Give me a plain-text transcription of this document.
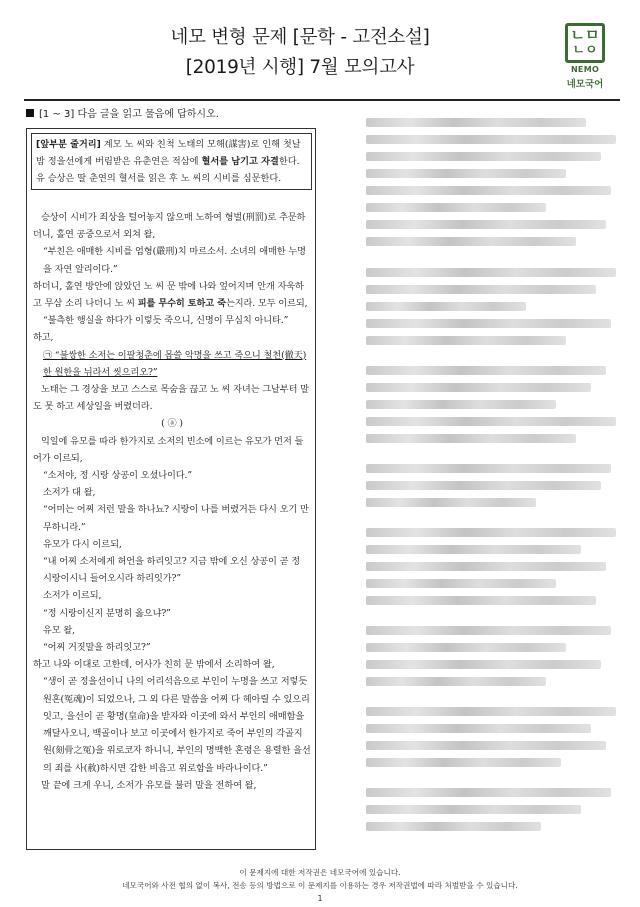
네모 변형 문제 [문학 - 고전소설]
[2019년 시행] 7월 모의고사
ㄴㅁ
ㄴㅇ
NEMO
네모국어
[1 ~ 3] 다음 글을 읽고 물음에 답하시오.
[앞부분 줄거리] 계모 노 씨와 친척 노태의 모해(謀害)로 인해 첫날밤 정을선에게 버림받은 유춘연은 적삼에 혈서를 남기고 자결한다. 유 승상은 딸 춘연의 혈서를 읽은 후 노 씨의 시비를 심문한다.

승상이 시비가 죄상을 털어놓지 않으매 노하여 형벌(刑罰)로 추문하더니, 홀연 공중으로서 외쳐 왈,

“부친은 애매한 시비를 엄형(嚴刑)치 마르소서. 소녀의 애매한 누명을 자연 알리이다.”

하더니, 홀연 방안에 앉았던 노 씨 문 밖에 나와 엎어지며 안개 자욱하고 무삼 소리 나더니 노 씨 피를 무수히 토하고 죽는지라. 모두 이르되,

“불측한 행실을 하다가 이렇듯 죽으니, 신명이 무심치 아니타.”

하고,

㉠ “불쌍한 소저는 이팔청춘에 몹쓸 악명을 쓰고 죽으니 철천(徹天)한 원한을 뉘라서 씻으리오?”

노태는 그 경상을 보고 스스로 목숨을 끊고 노 씨 자녀는 그날부터 말도 못 하고 세상일을 버렸더라.

( ⓐ )

익일에 유모를 따라 한가지로 소저의 빈소에 이르는 유모가 먼저 들어가 이르되,

“소저야, 정 시랑 상공이 오셨나이다.”

소저가 대 왈,

“어미는 어찌 저런 말을 하나뇨? 시랑이 나를 버렸거든 다시 오기 만무하니라.”

유모가 다시 이르되,

“내 어찌 소저에게 허언을 하리잇고? 지금 밖에 오신 상공이 곧 정 시랑이시니 들어오시라 하리잇가?”

소저가 이르되,

“정 시랑이신지 분명히 옳으냐?”

유모 왈,

“어찌 거짓말을 하리잇고?”

하고 나와 이대로 고한데, 어사가 친히 문 밖에서 소리하여 왈,

“생이 곧 정을선이니 나의 어리석음으로 부인이 누명을 쓰고 저렇듯 원혼(冤魂)이 되었으나, 그 외 다른 말씀을 어찌 다 헤아릴 수 있으리잇고, 을선이 곧 황명(皇命)을 받자와 이곳에 와서 부인의 애매함을 깨달사오니, 백골이나 보고 이곳에서 한가지로 죽어 부인의 각골지원(刻骨之冤)을 위로코자 하니니, 부인의 명백한 혼령은 용렬한 을선의 죄를 사(赦)하시면 감한 비음고 위로함을 바라나이다.”

말 끝에 크게 우니, 소저가 유모를 불러 말을 전하여 왈,

이 문제지에 대한 저작권은 네모국어에 있습니다.
네모국어와 사전 협의 없이 복사, 전송 등의 방법으로 이 문제지를 이용하는 경우 저작권법에 따라 처벌받을 수 있습니다.
1
